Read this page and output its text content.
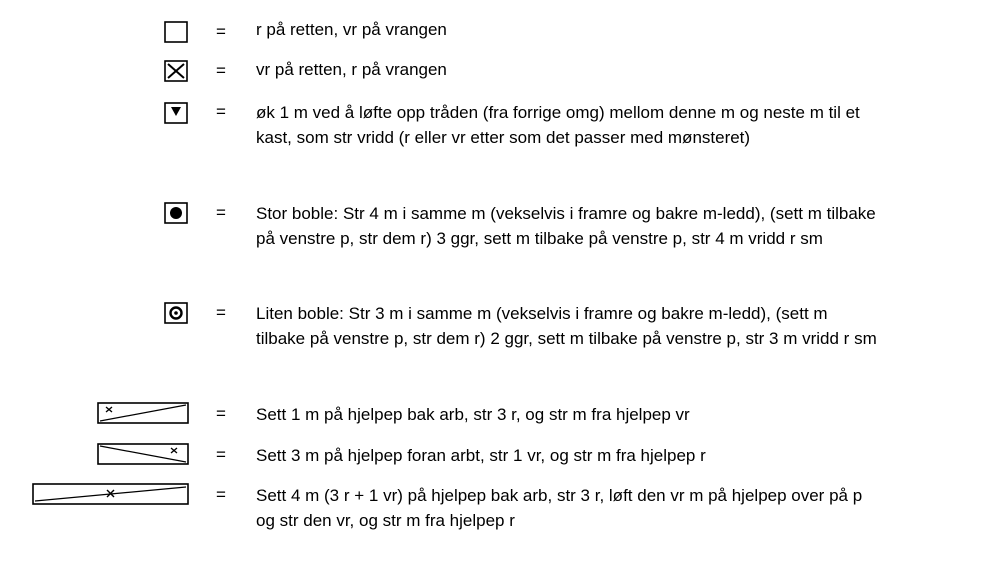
= r på retten, vr på vrangen
= vr på retten, r på vrangen
= øk 1 m ved å løfte opp tråden (fra forrige omg) mellom denne m og neste m til et
kast, som str vridd (r eller vr etter som det passer med mønsteret)
= Stor boble: Str 4 m i samme m (vekselvis i framre og bakre m-ledd), (sett m tilbake
på venstre p, str dem r) 3 ggr, sett m tilbake på venstre p, str 4 m vridd r sm
= Liten boble: Str 3 m i samme m (vekselvis i framre og bakre m-ledd), (sett m
tilbake på venstre p, str dem r) 2 ggr, sett m tilbake på venstre p, str 3 m vridd r sm
= Sett 1 m på hjelpep bak arb, str 3 r, og str m fra hjelpep vr
= Sett 3 m på hjelpep foran arbt, str 1 vr, og str m fra hjelpep r
= Sett 4 m (3 r + 1 vr) på hjelpep bak arb, str 3 r, løft den vr m på hjelpep over på p
og str den vr, og str m fra hjelpep r
